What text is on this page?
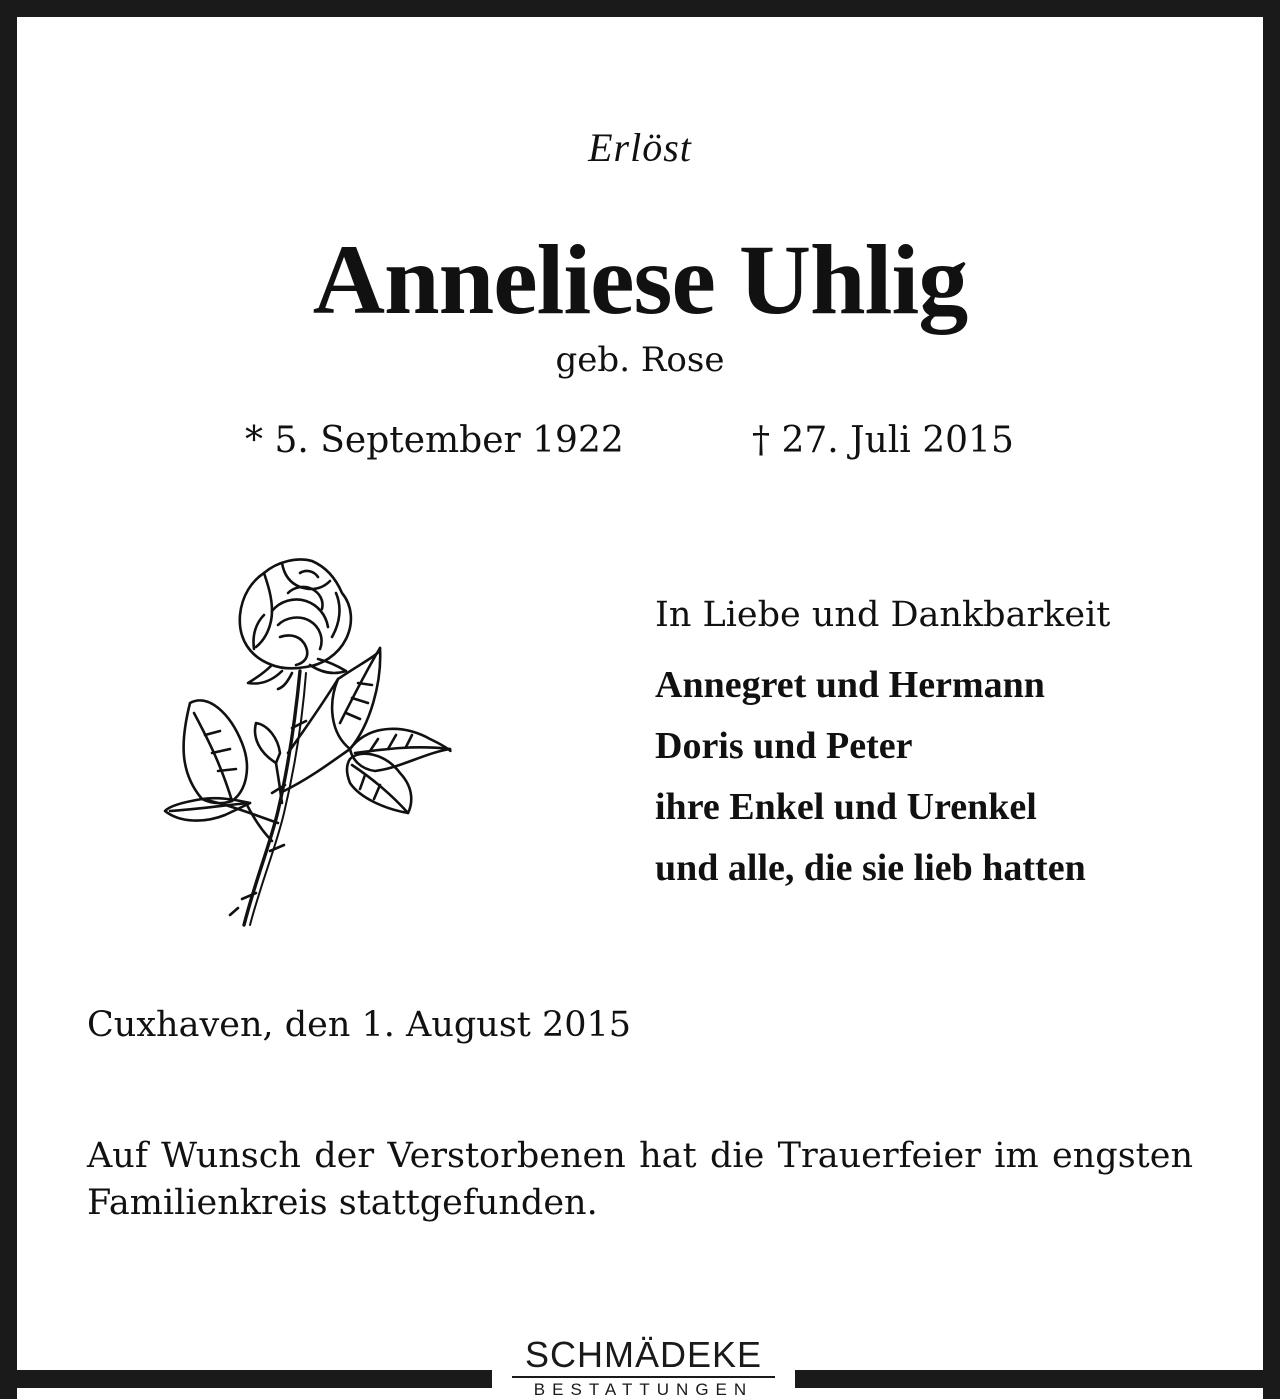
Erlöst

Anneliese Uhlig

geb. Rose

* 5. September 1922	† 27. Juli 2015

In Liebe und Dankbarkeit

Annegret und Hermann

Doris und Peter

ihre Enkel und Urenkel

und alle, die sie lieb hatten

Cuxhaven, den 1. August 2015

Auf Wunsch der Verstorbenen hat die Trauerfeier im engsten Familienkreis stattgefunden.

SCHMÄDEKE

BESTATTUNGEN
